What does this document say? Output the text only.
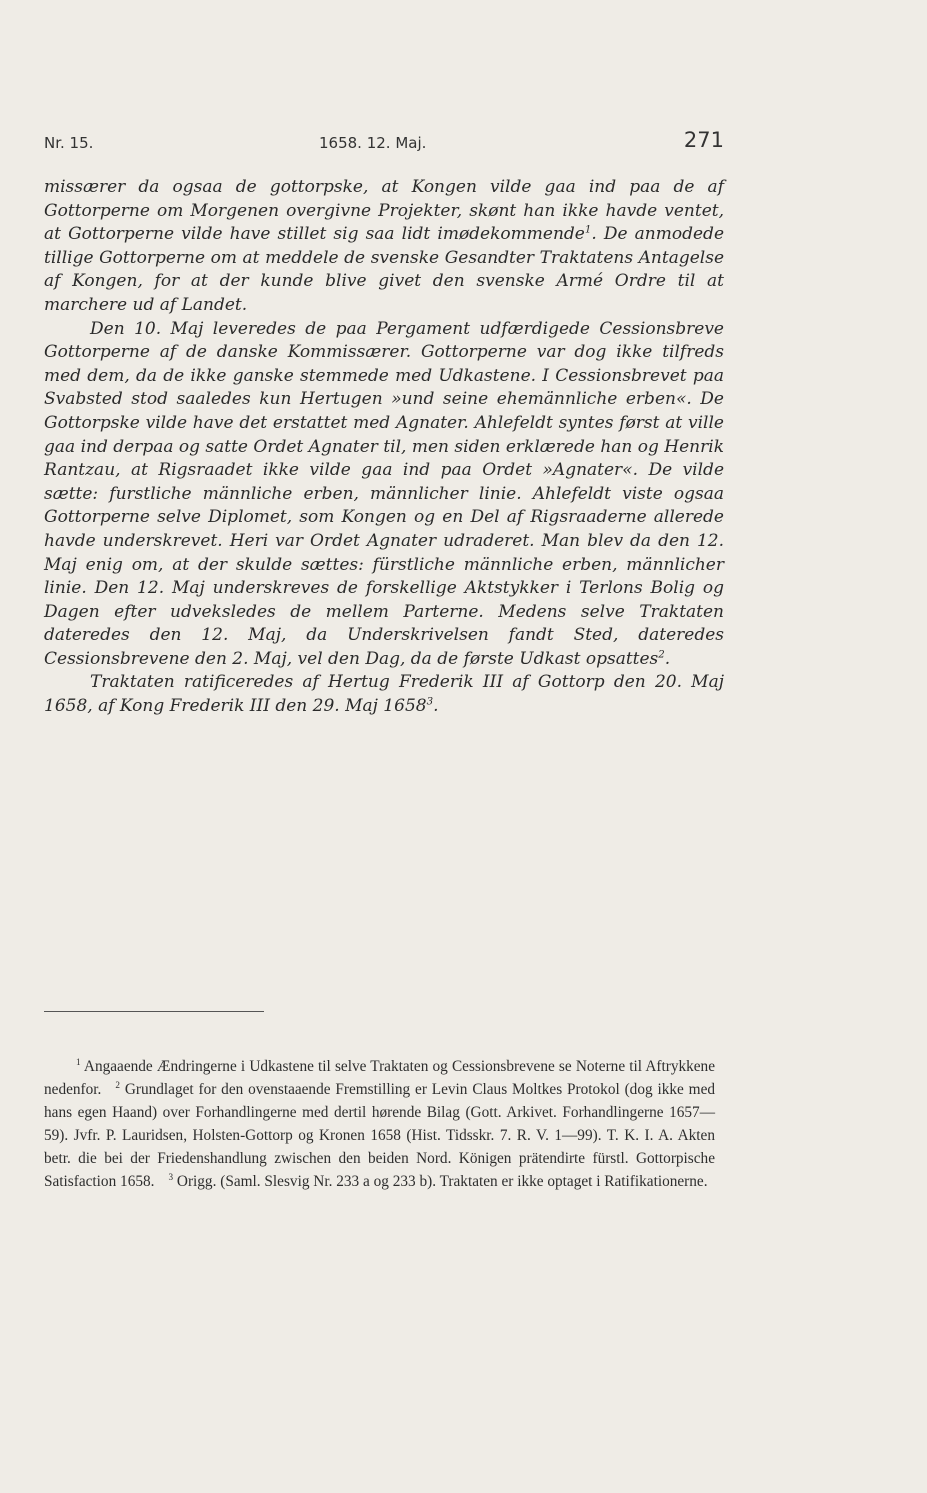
Nr. 15.	1658. 12. Maj.	271

missærer da ogsaa de gottorpske, at Kongen vilde gaa ind paa de af Gottorperne om Morgenen overgivne Projekter, skønt han ikke havde ventet, at Gottorperne vilde have stillet sig saa lidt imødekommende$^1$. De anmodede tillige Gottorperne om at meddele de svenske Gesandter Traktatens Antagelse af Kongen, for at der kunde blive givet den svenske Armé Ordre til at marchere ud af Landet.

Den 10. Maj leveredes de paa Pergament udfærdigede Cessionsbreve Gottorperne af de danske Kommissærer. Gottorperne var dog ikke tilfreds med dem, da de ikke ganske stemmede med Udkastene. I Cessionsbrevet paa Svabsted stod saaledes kun Hertugen »und seine ehemännliche erben«. De Gottorpske vilde have det erstattet med Agnater. Ahlefeldt syntes først at ville gaa ind derpaa og satte Ordet Agnater til, men siden erklærede han og Henrik Rantzau, at Rigsraadet ikke vilde gaa ind paa Ordet »Agnater«. De vilde sætte: furstliche männliche erben, männlicher linie. Ahlefeldt viste ogsaa Gottorperne selve Diplomet, som Kongen og en Del af Rigsraaderne allerede havde underskrevet. Heri var Ordet Agnater udraderet. Man blev da den 12. Maj enig om, at der skulde sættes: fürstliche männliche erben, männlicher linie. Den 12. Maj underskreves de forskellige Aktstykker i Terlons Bolig og Dagen efter udveksledes de mellem Parterne. Medens selve Traktaten dateredes den 12. Maj, da Underskrivelsen fandt Sted, dateredes Cessionsbrevene den 2. Maj, vel den Dag, da de første Udkast opsattes$^2$.

Traktaten ratificeredes af Hertug Frederik III af Gottorp den 20. Maj 1658, af Kong Frederik III den 29. Maj 1658$^3$.

$^1$ Angaaende Ændringerne i Udkastene til selve Traktaten og Cessionsbrevene se Noterne til Aftrykkene nedenfor. $^2$ Grundlaget for den ovenstaaende Fremstilling er Levin Claus Moltkes Protokol (dog ikke med hans egen Haand) over Forhandlingerne med dertil hørende Bilag (Gott. Arkivet. Forhandlingerne 1657—59). Jvfr. P. Lauridsen, Holsten-Gottorp og Kronen 1658 (Hist. Tidsskr. 7. R. V. 1—99). T. K. I. A. Akten betr. die bei der Friedenshandlung zwischen den beiden Nord. Königen prätendirte fürstl. Gottorpische Satisfaction 1658. $^3$ Origg. (Saml. Slesvig Nr. 233 a og 233 b). Traktaten er ikke optaget i Ratifikationerne.
